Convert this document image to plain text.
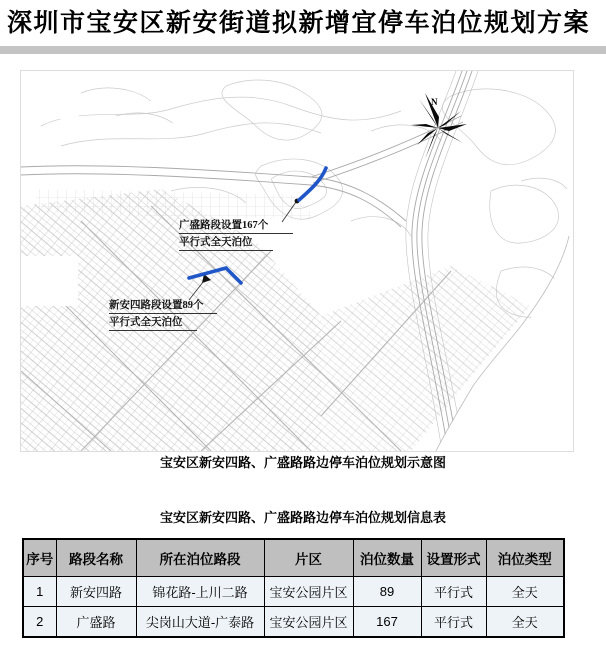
深圳市宝安区新安街道拟新增宜停车泊位规划方案
N
广盛路段设置167个
平行式全天泊位
新安四路段设置89个
平行式全天泊位
宝安区新安四路、广盛路路边停车泊位规划示意图
宝安区新安四路、广盛路路边停车泊位规划信息表
序号	路段名称	所在泊位路段	片区	泊位数量	设置形式	泊位类型
1	新安四路	锦花路-上川二路	宝安公园片区	89	平行式	全天
2	广盛路	尖岗山大道-广泰路	宝安公园片区	167	平行式	全天
